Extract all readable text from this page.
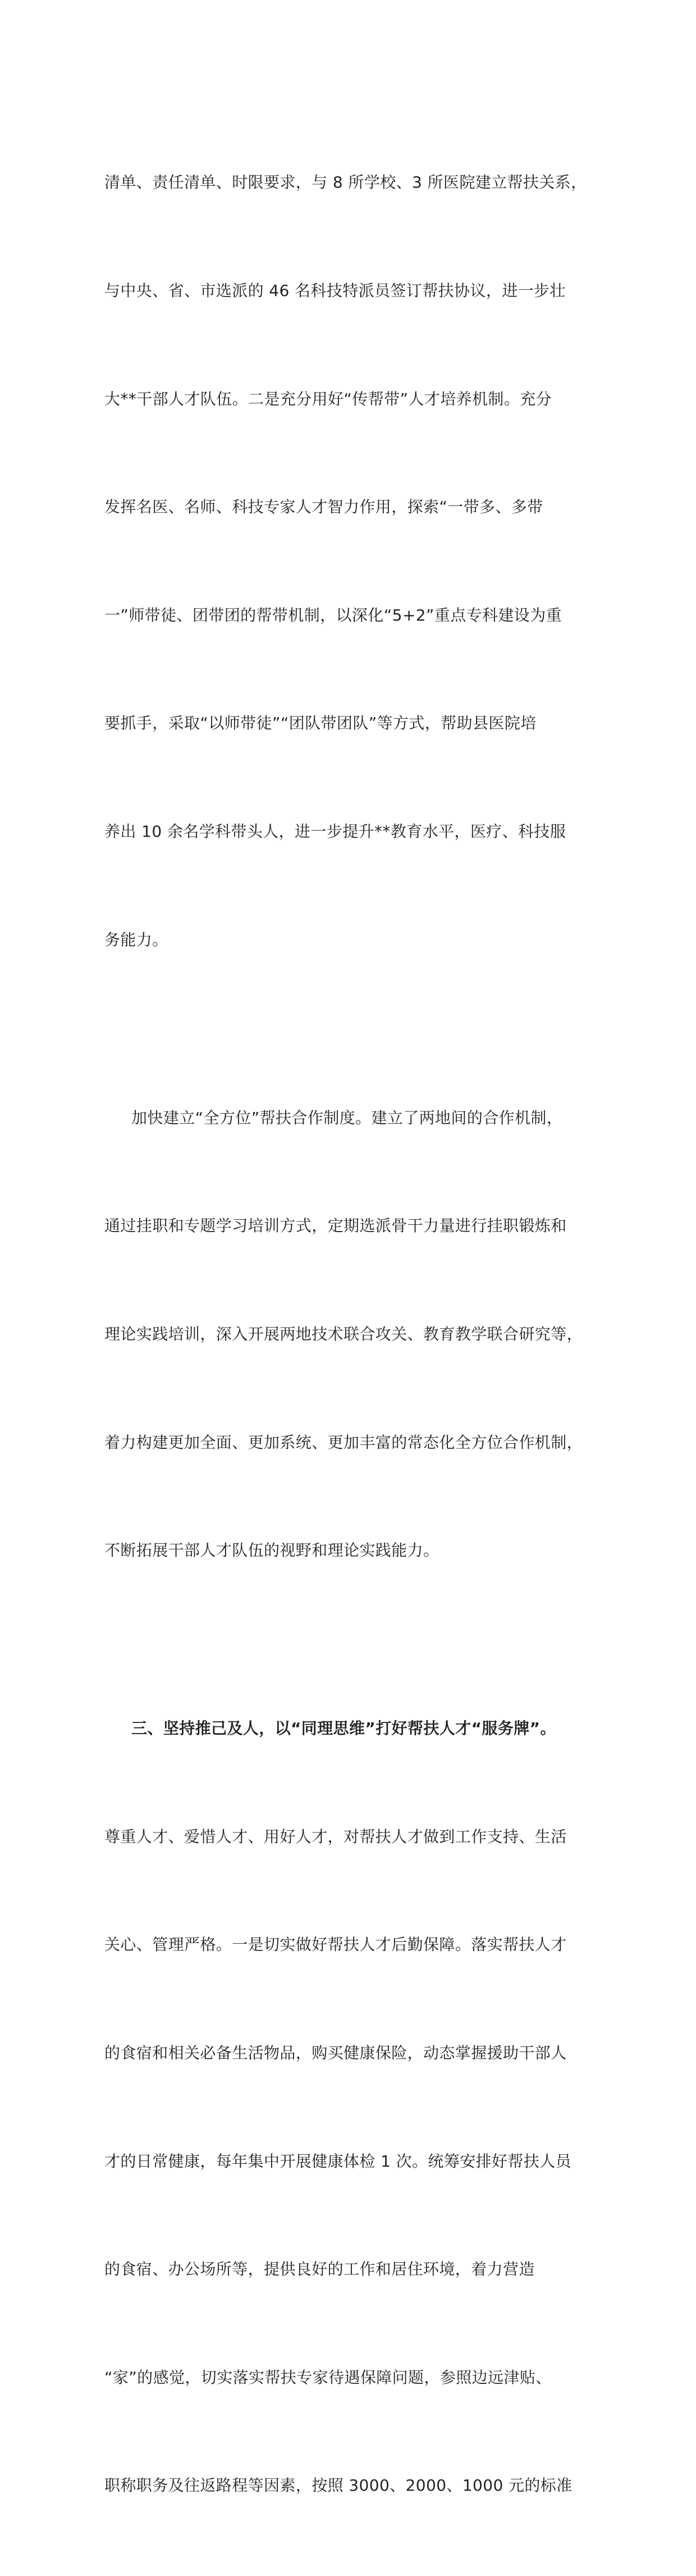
清单、责任清单、时限要求，与 8 所学校、3 所医院建立帮扶关系，

与中央、省、市选派的 46 名科技特派员签订帮扶协议，进一步壮

大**干部人才队伍。二是充分用好“传帮带”人才培养机制。充分

发挥名医、名师、科技专家人才智力作用，探索“一带多、多带

一”师带徒、团带团的帮带机制，以深化“5+2”重点专科建设为重

要抓手，采取“以师带徒”“团队带团队”等方式，帮助县医院培

养出 10 余名学科带头人，进一步提升**教育水平，医疗、科技服

务能力。

加快建立“全方位”帮扶合作制度。建立了两地间的合作机制，

通过挂职和专题学习培训方式，定期选派骨干力量进行挂职锻炼和

理论实践培训，深入开展两地技术联合攻关、教育教学联合研究等，

着力构建更加全面、更加系统、更加丰富的常态化全方位合作机制，

不断拓展干部人才队伍的视野和理论实践能力。

三、坚持推己及人，以“同理思维”打好帮扶人才“服务牌”。

尊重人才、爱惜人才、用好人才，对帮扶人才做到工作支持、生活

关心、管理严格。一是切实做好帮扶人才后勤保障。落实帮扶人才

的食宿和相关必备生活物品，购买健康保险，动态掌握援助干部人

才的日常健康，每年集中开展健康体检 1 次。统筹安排好帮扶人员

的食宿、办公场所等，提供良好的工作和居住环境，着力营造

“家”的感觉，切实落实帮扶专家待遇保障问题，参照边远津贴、

职称职务及往返路程等因素，按照 3000、2000、1000 元的标准
